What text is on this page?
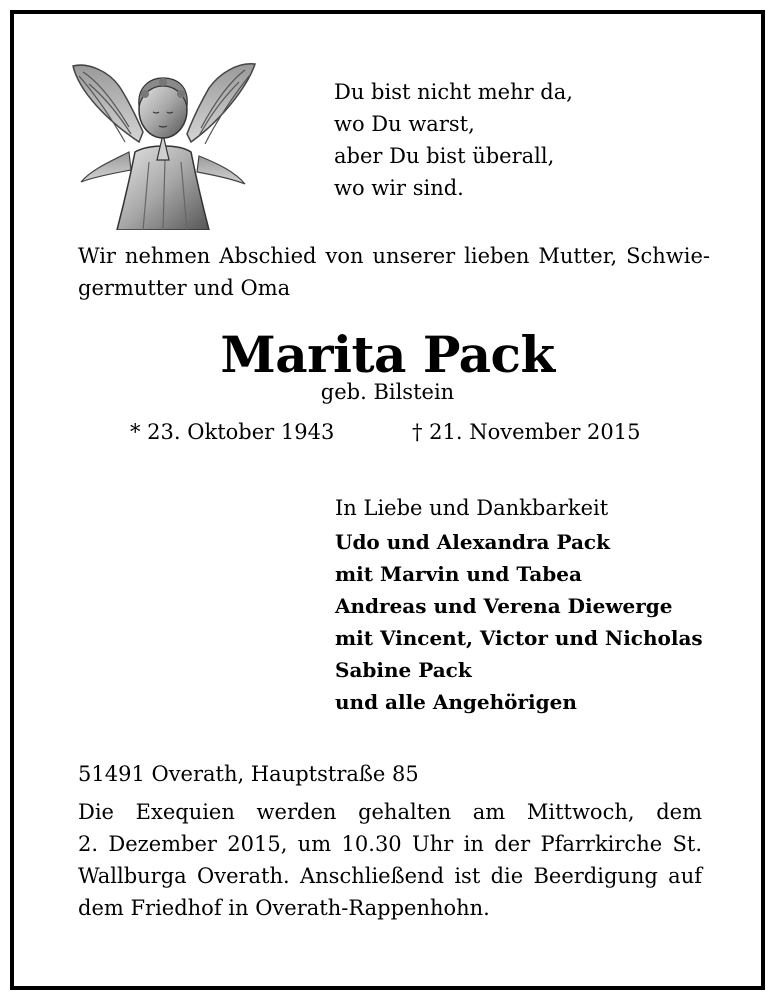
Du bist nicht mehr da,
wo Du warst,
aber Du bist überall,
wo wir sind.
Wir nehmen Abschied von unserer lieben Mutter, Schwie-
germutter und Oma
Marita Pack
geb. Bilstein
* 23. Oktober 1943	† 21. November 2015
In Liebe und Dankbarkeit
Udo und Alexandra Pack
mit Marvin und Tabea
Andreas und Verena Diewerge
mit Vincent, Victor und Nicholas
Sabine Pack
und alle Angehörigen
51491 Overath, Hauptstraße 85
Die Exequien werden gehalten am Mittwoch, dem
2. Dezember 2015, um 10.30 Uhr in der Pfarrkirche St.
Wallburga Overath. Anschließend ist die Beerdigung auf
dem Friedhof in Overath-Rappenhohn.
